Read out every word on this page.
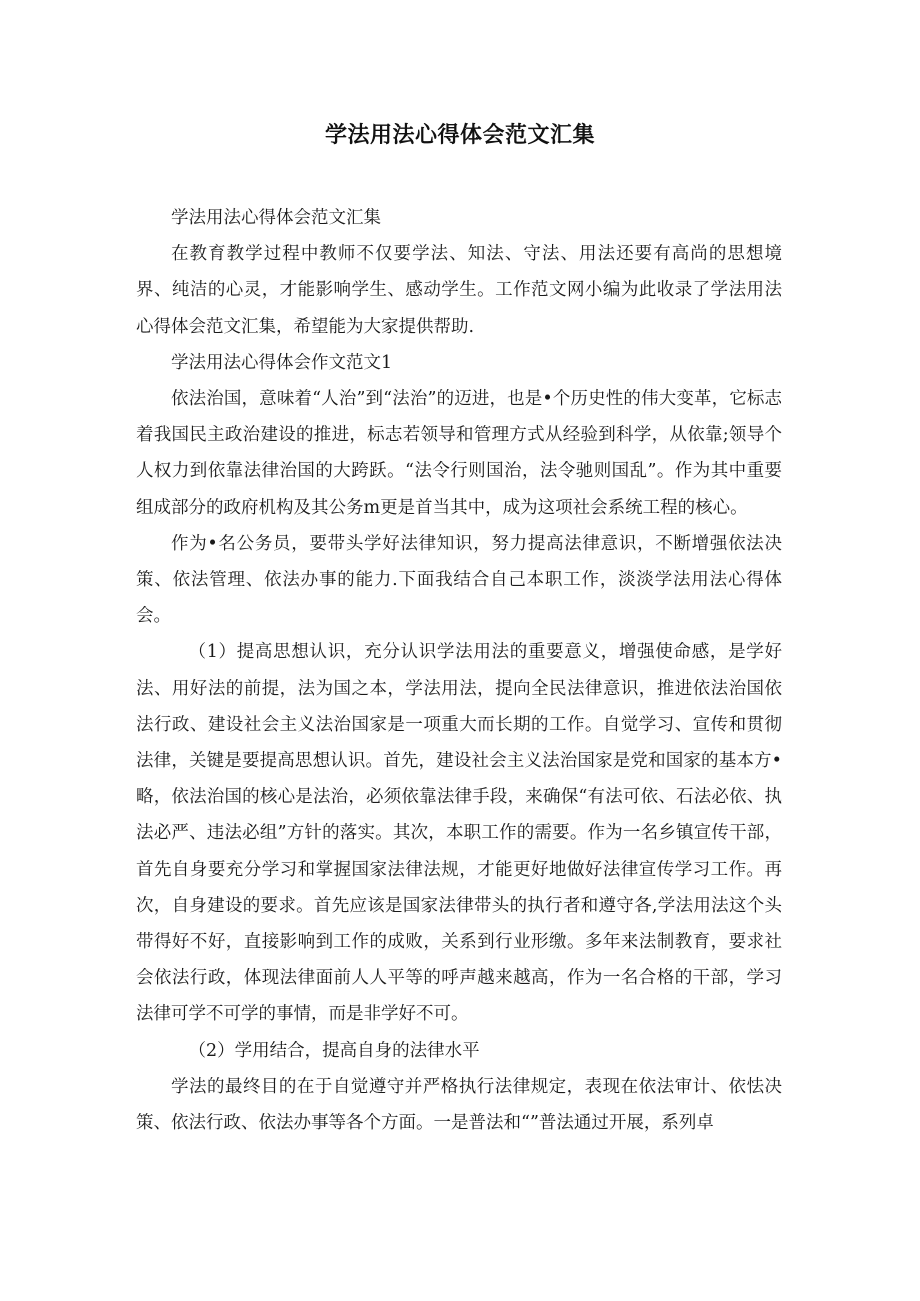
学法用法心得体会范文汇集

学法用法心得体会范文汇集

在教育教学过程中教师不仅要学法、知法、守法、用法还要有高尚的思想境界、纯洁的心灵，才能影响学生、感动学生。工作范文网小编为此收录了学法用法心得体会范文汇集，希望能为大家提供帮助.

学法用法心得体会作文范文1

依法治国，意味着“人治”到“法治”的迈进，也是•个历史性的伟大变革，它标志着我国民主政治建设的推进，标志若领导和管理方式从经验到科学，从依靠;领导个人权力到依靠法律治国的大跨跃。“法令行则国治，法令驰则国乱”。作为其中重要组成部分的政府机构及其公务m更是首当其中，成为这项社会系统工程的核心。

作为•名公务员，要带头学好法律知识，努力提高法律意识，不断增强依法决策、依法管理、依法办事的能力.下面我结合自己本职工作，淡淡学法用法心得体会。

（1）提高思想认识，充分认识学法用法的重要意义，增强使命感，是学好法、用好法的前提，法为国之本，学法用法，提向全民法律意识，推进依法治国依法行政、建设社会主义法治国家是一项重大而长期的工作。自觉学习、宣传和贯彻法律，关键是要提高思想认识。首先，建设社会主义法治国家是党和国家的基本方•略，依法治国的核心是法治，必须依靠法律手段，来确保“有法可依、石法必依、执法必严、违法必组”方针的落实。其次，本职工作的需要。作为一名乡镇宣传干部，首先自身要充分学习和掌握国家法律法规，才能更好地做好法律宣传学习工作。再次，自身建设的要求。首先应该是国家法律带头的执行者和遵守各,学法用法这个头带得好不好，直接影响到工作的成败，关系到行业形缴。多年来法制教育，要求社会依法行政，体现法律面前人人平等的呼声越来越高，作为一名合格的干部，学习法律可学不可学的事情，而是非学好不可。

（2）学用结合，提高自身的法律水平

学法的最终目的在于自觉遵守并严格执行法律规定，表现在依法审计、依怯决策、依法行政、依法办事等各个方面。一是普法和“”普法通过开展，系列卓
